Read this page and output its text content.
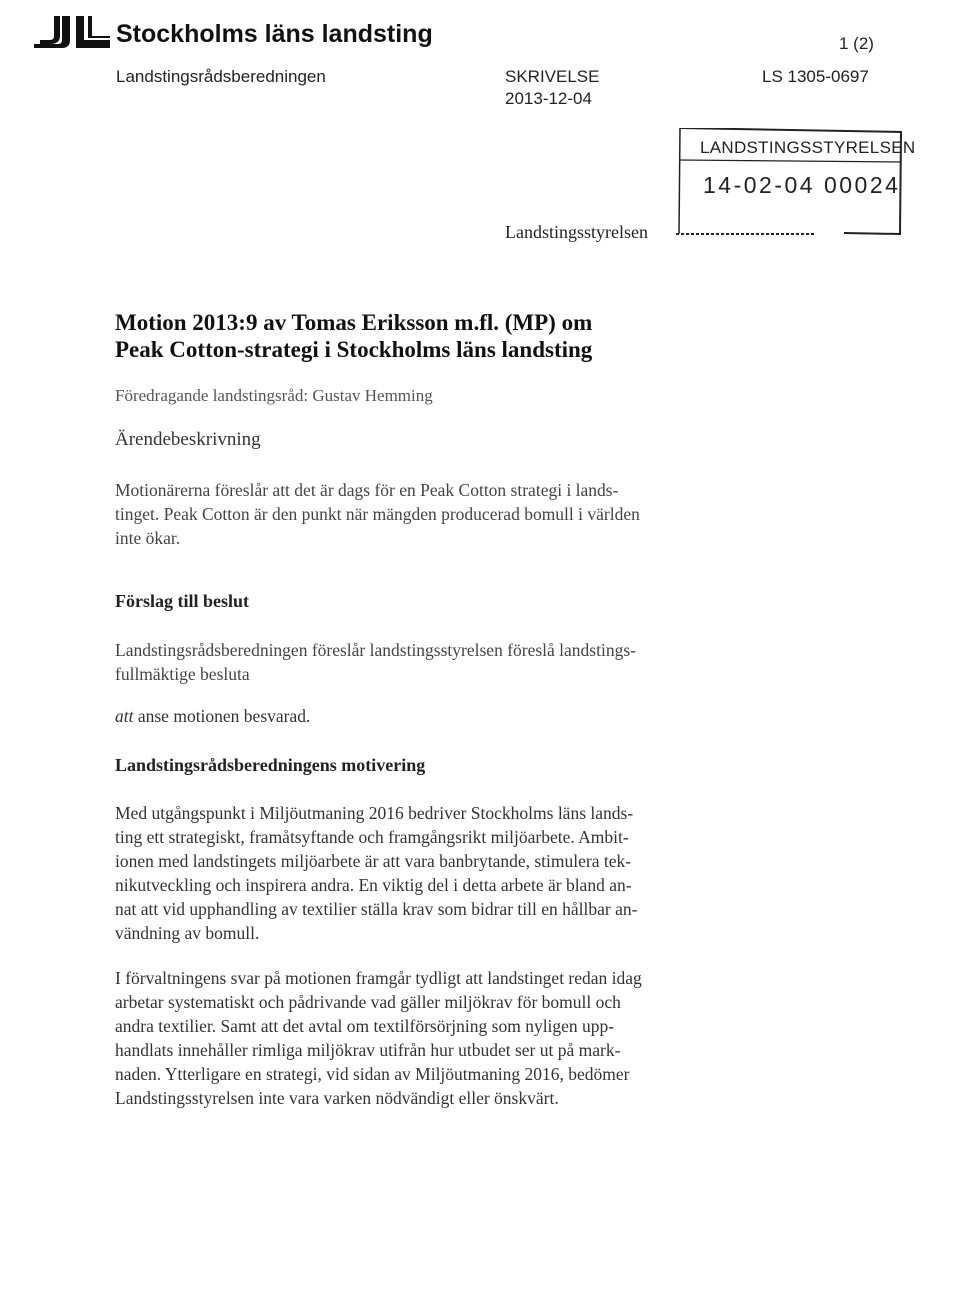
Stockholms läns landsting	1 (2)
Landstingsrådsberedningen	SKRIVELSE
2013-12-04
LS 1305-0697
LANDSTINGSSTYRELSEN
14-02-04 00024
Landstingsstyrelsen
Motion 2013:9 av Tomas Eriksson m.fl. (MP) om
Peak Cotton-strategi i Stockholms läns landsting
Föredragande landstingsråd: Gustav Hemming
Ärendebeskrivning
Motionärerna föreslår att det är dags för en Peak Cotton strategi i lands-
tinget. Peak Cotton är den punkt när mängden producerad bomull i världen
inte ökar.
Förslag till beslut
Landstingsrådsberedningen föreslår landstingsstyrelsen föreslå landstings-
fullmäktige besluta
att anse motionen besvarad.
Landstingsrådsberedningens motivering
Med utgångspunkt i Miljöutmaning 2016 bedriver Stockholms läns lands-
ting ett strategiskt, framåtsyftande och framgångsrikt miljöarbete. Ambit-
ionen med landstingets miljöarbete är att vara banbrytande, stimulera tek-
nikutveckling och inspirera andra. En viktig del i detta arbete är bland an-
nat att vid upphandling av textilier ställa krav som bidrar till en hållbar an-
vändning av bomull.
I förvaltningens svar på motionen framgår tydligt att landstinget redan idag
arbetar systematiskt och pådrivande vad gäller miljökrav för bomull och
andra textilier. Samt att det avtal om textilförsörjning som nyligen upp-
handlats innehåller rimliga miljökrav utifrån hur utbudet ser ut på mark-
naden. Ytterligare en strategi, vid sidan av Miljöutmaning 2016, bedömer
Landstingsstyrelsen inte vara varken nödvändigt eller önskvärt.
